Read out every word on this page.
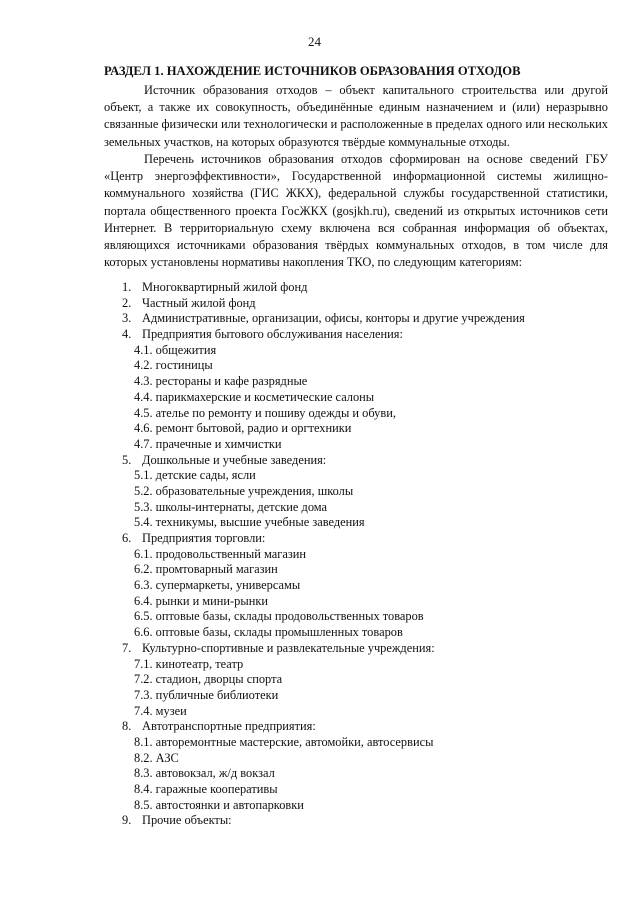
24
РАЗДЕЛ 1. НАХОЖДЕНИЕ ИСТОЧНИКОВ ОБРАЗОВАНИЯ ОТХОДОВ

Источник образования отходов – объект капитального строительства или другой объект, а также их совокупность, объединённые единым назначением и (или) неразрывно связанные физически или технологически и расположенные в пределах одного или нескольких земельных участков, на которых образуются твёрдые коммунальные отходы.

Перечень источников образования отходов сформирован на основе сведений ГБУ «Центр энергоэффективности», Государственной информационной системы жилищно-коммунального хозяйства (ГИС ЖКХ), федеральной службы государственной статистики, портала общественного проекта ГосЖКХ (gosjkh.ru), сведений из открытых источников сети Интернет. В территориальную схему включена вся собранная информация об объектах, являющихся источниками образования твёрдых коммунальных отходов, в том числе для которых установлены нормативы накопления ТКО, по следующим категориям:

1. Многоквартирный жилой фонд
2. Частный жилой фонд
3. Административные, организации, офисы, конторы и другие учреждения
4. Предприятия бытового обслуживания населения:
4.1. общежития
4.2. гостиницы
4.3. рестораны и кафе разрядные
4.4. парикмахерские и косметические салоны
4.5. ателье по ремонту и пошиву одежды и обуви,
4.6. ремонт бытовой, радио и оргтехники
4.7. прачечные и химчистки
5. Дошкольные и учебные заведения:
5.1. детские сады, ясли
5.2. образовательные учреждения, школы
5.3. школы-интернаты, детские дома
5.4. техникумы, высшие учебные заведения
6. Предприятия торговли:
6.1. продовольственный магазин
6.2. промтоварный магазин
6.3. супермаркеты, универсамы
6.4. рынки и мини-рынки
6.5. оптовые базы, склады продовольственных товаров
6.6. оптовые базы, склады промышленных товаров
7. Культурно-спортивные и развлекательные учреждения:
7.1. кинотеатр, театр
7.2. стадион, дворцы спорта
7.3. публичные библиотеки
7.4. музеи
8. Автотранспортные предприятия:
8.1. авторемонтные мастерские, автомойки, автосервисы
8.2. АЗС
8.3. автовокзал, ж/д вокзал
8.4. гаражные кооперативы
8.5. автостоянки и автопарковки
9. Прочие объекты:
